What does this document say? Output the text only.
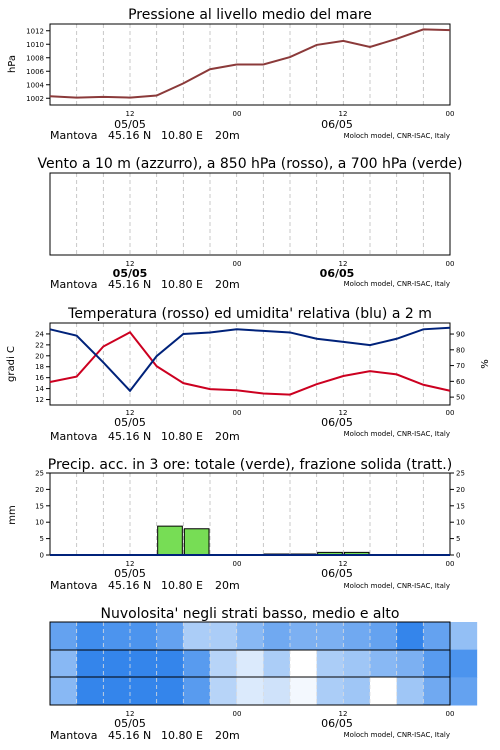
Pressione al livello medio del mare
1002
1004
1006
1008
1010
1012
hPa
12	00	12	00
05/05	06/05
Mantova 45.16 N 10.80 E 20m	Moloch model, CNR-ISAC, Italy
Vento a 10 m (azzurro), a 850 hPa (rosso), a 700 hPa (verde)
12	00	12	00
05/05	06/05
Mantova 45.16 N 10.80 E 20m	Moloch model, CNR-ISAC, Italy
Temperatura (rosso) ed umidita' relativa (blu) a 2 m
12
14
16
18
20
22
24
50
60
70
80
90
gradi C	%
12	00	12	00
05/05	06/05
Mantova 45.16 N 10.80 E 20m	Moloch model, CNR-ISAC, Italy
Precip. acc. in 3 ore: totale (verde), frazione solida (tratt.)
0
5
10
15
20
25
0
5
10
15
20
25
mm
12	00	12	00
05/05	06/05
Mantova 45.16 N 10.80 E 20m	Moloch model, CNR-ISAC, Italy
Nuvolosita' negli strati basso, medio e alto
12	00	12	00
05/05	06/05
Mantova 45.16 N 10.80 E 20m	Moloch model, CNR-ISAC, Italy
